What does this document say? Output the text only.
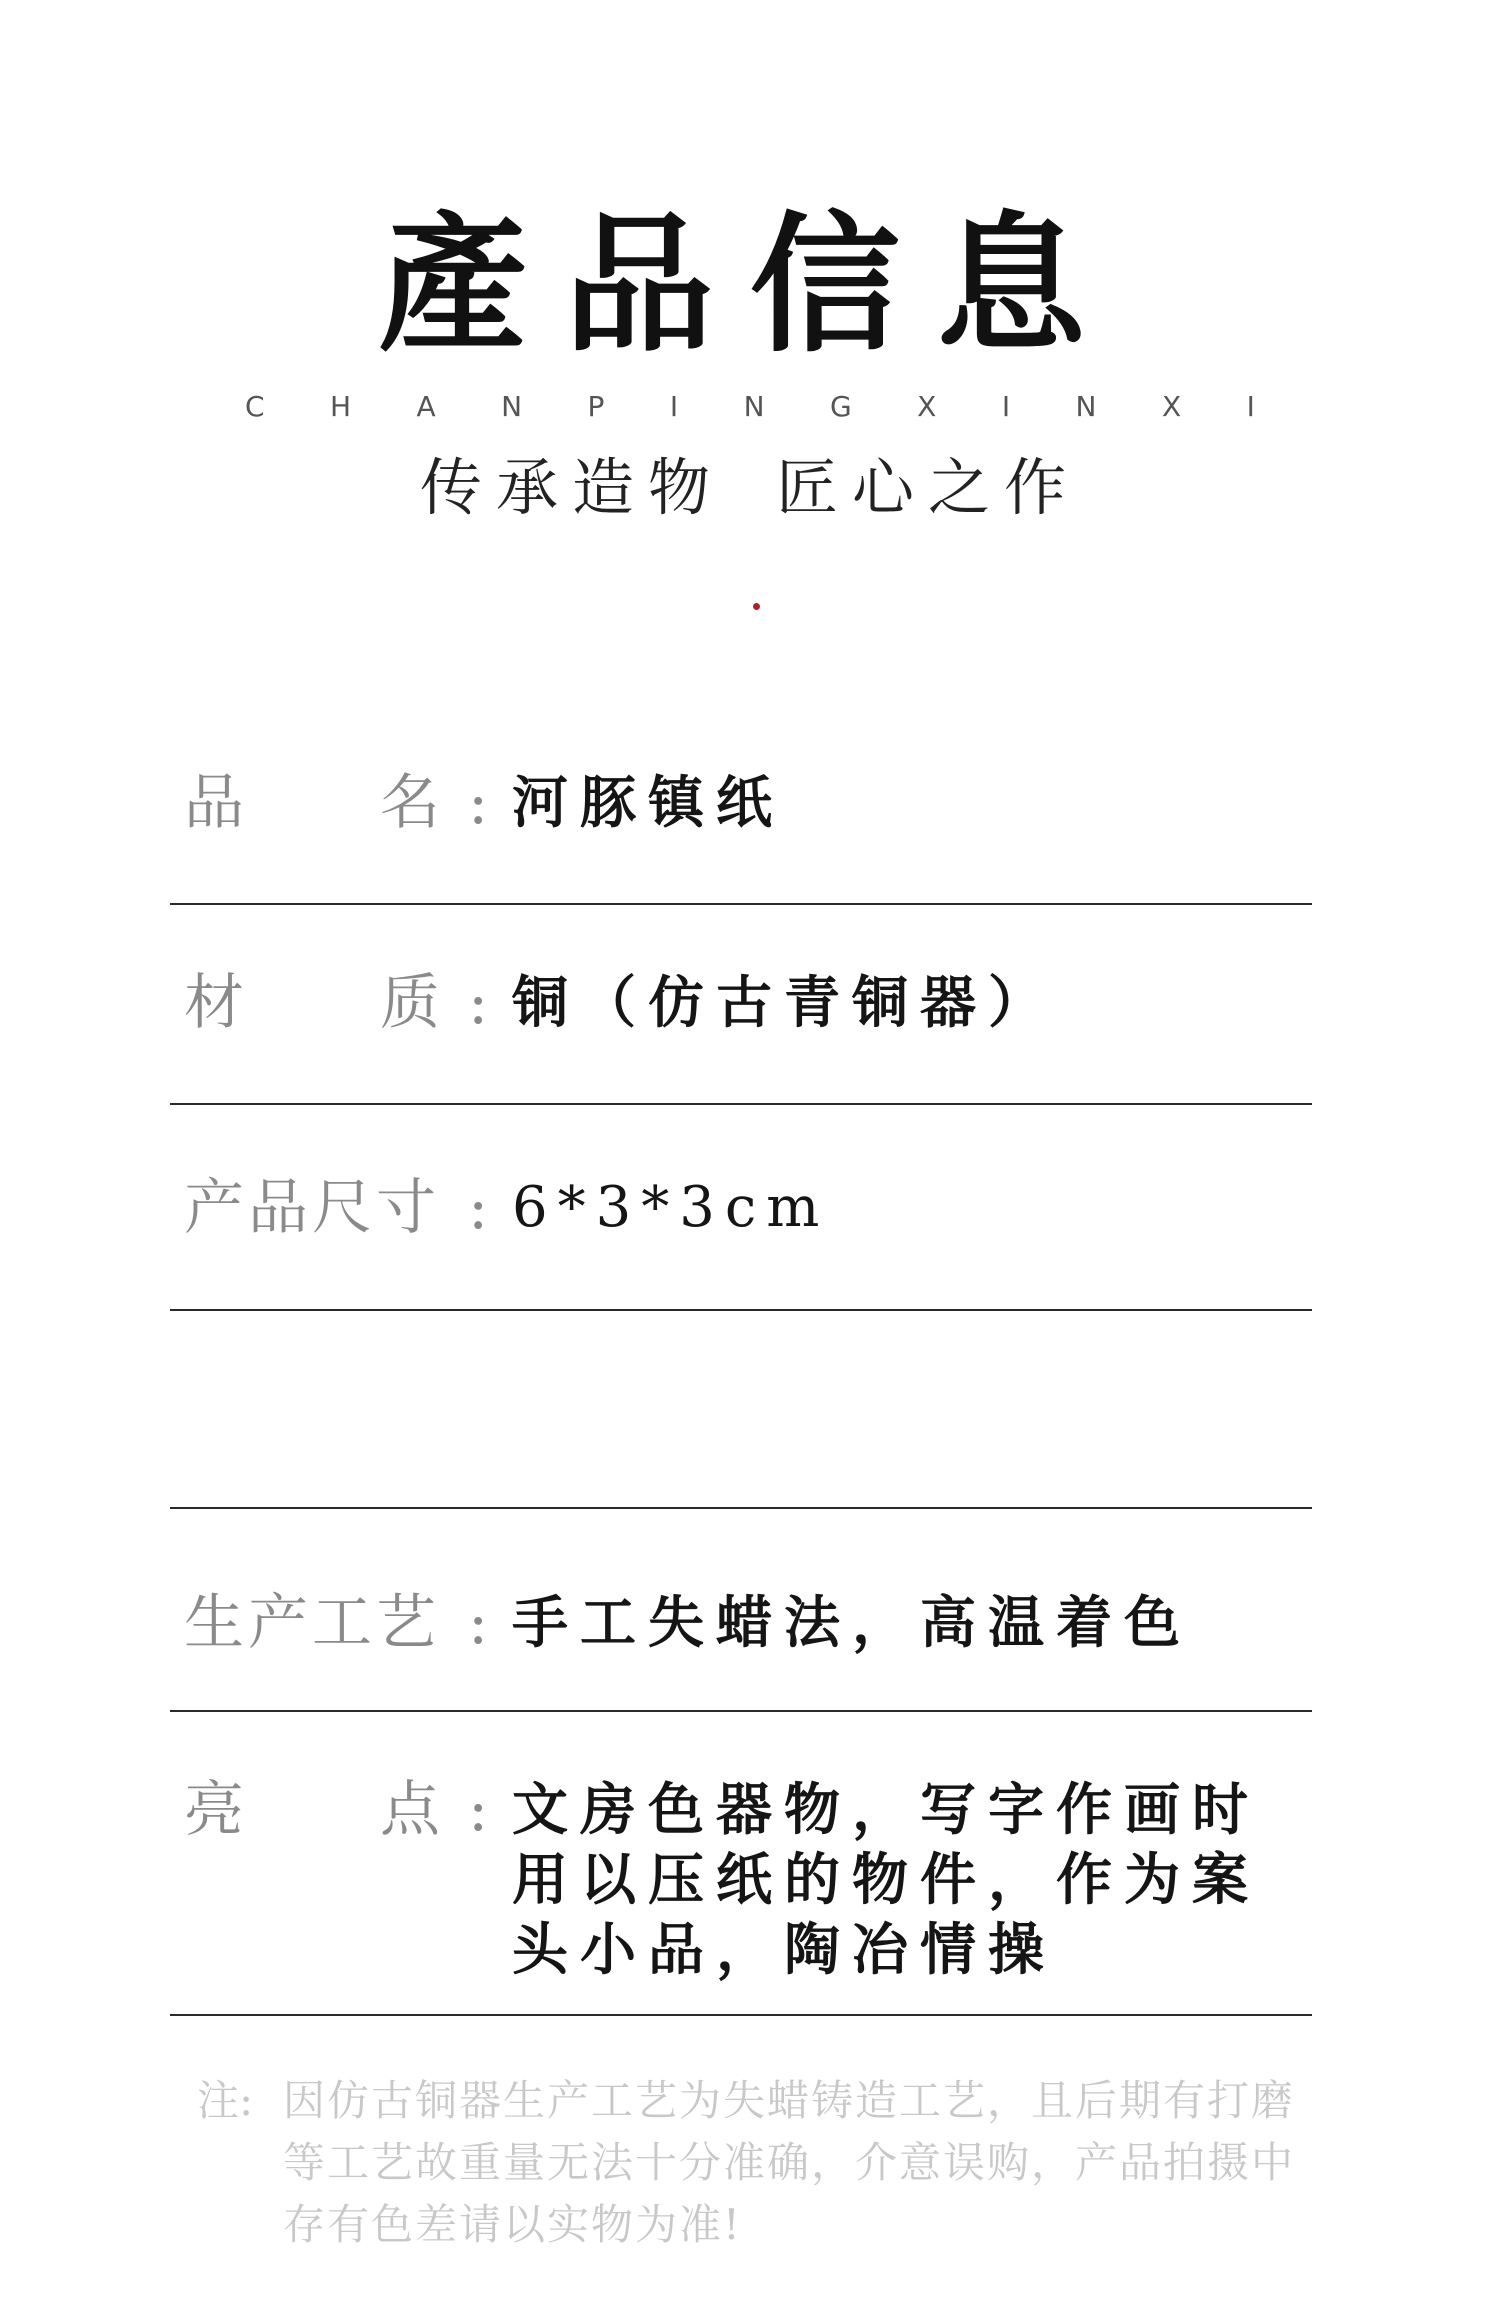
產品信息
C H A N P I N G X I N X I
传承造物 匠心之作
品 名 : 河豚镇纸
材 质 : 铜（仿古青铜器）
产品尺寸 : 6*3*3cm
生产工艺 : 手工失蜡法，高温着色
亮 点 : 文房色器物，写字作画时用以压纸的物件，作为案头小品，陶冶情操
注: 因仿古铜器生产工艺为失蜡铸造工艺，且后期有打磨等工艺故重量无法十分准确，介意误购，产品拍摄中存有色差请以实物为准!
